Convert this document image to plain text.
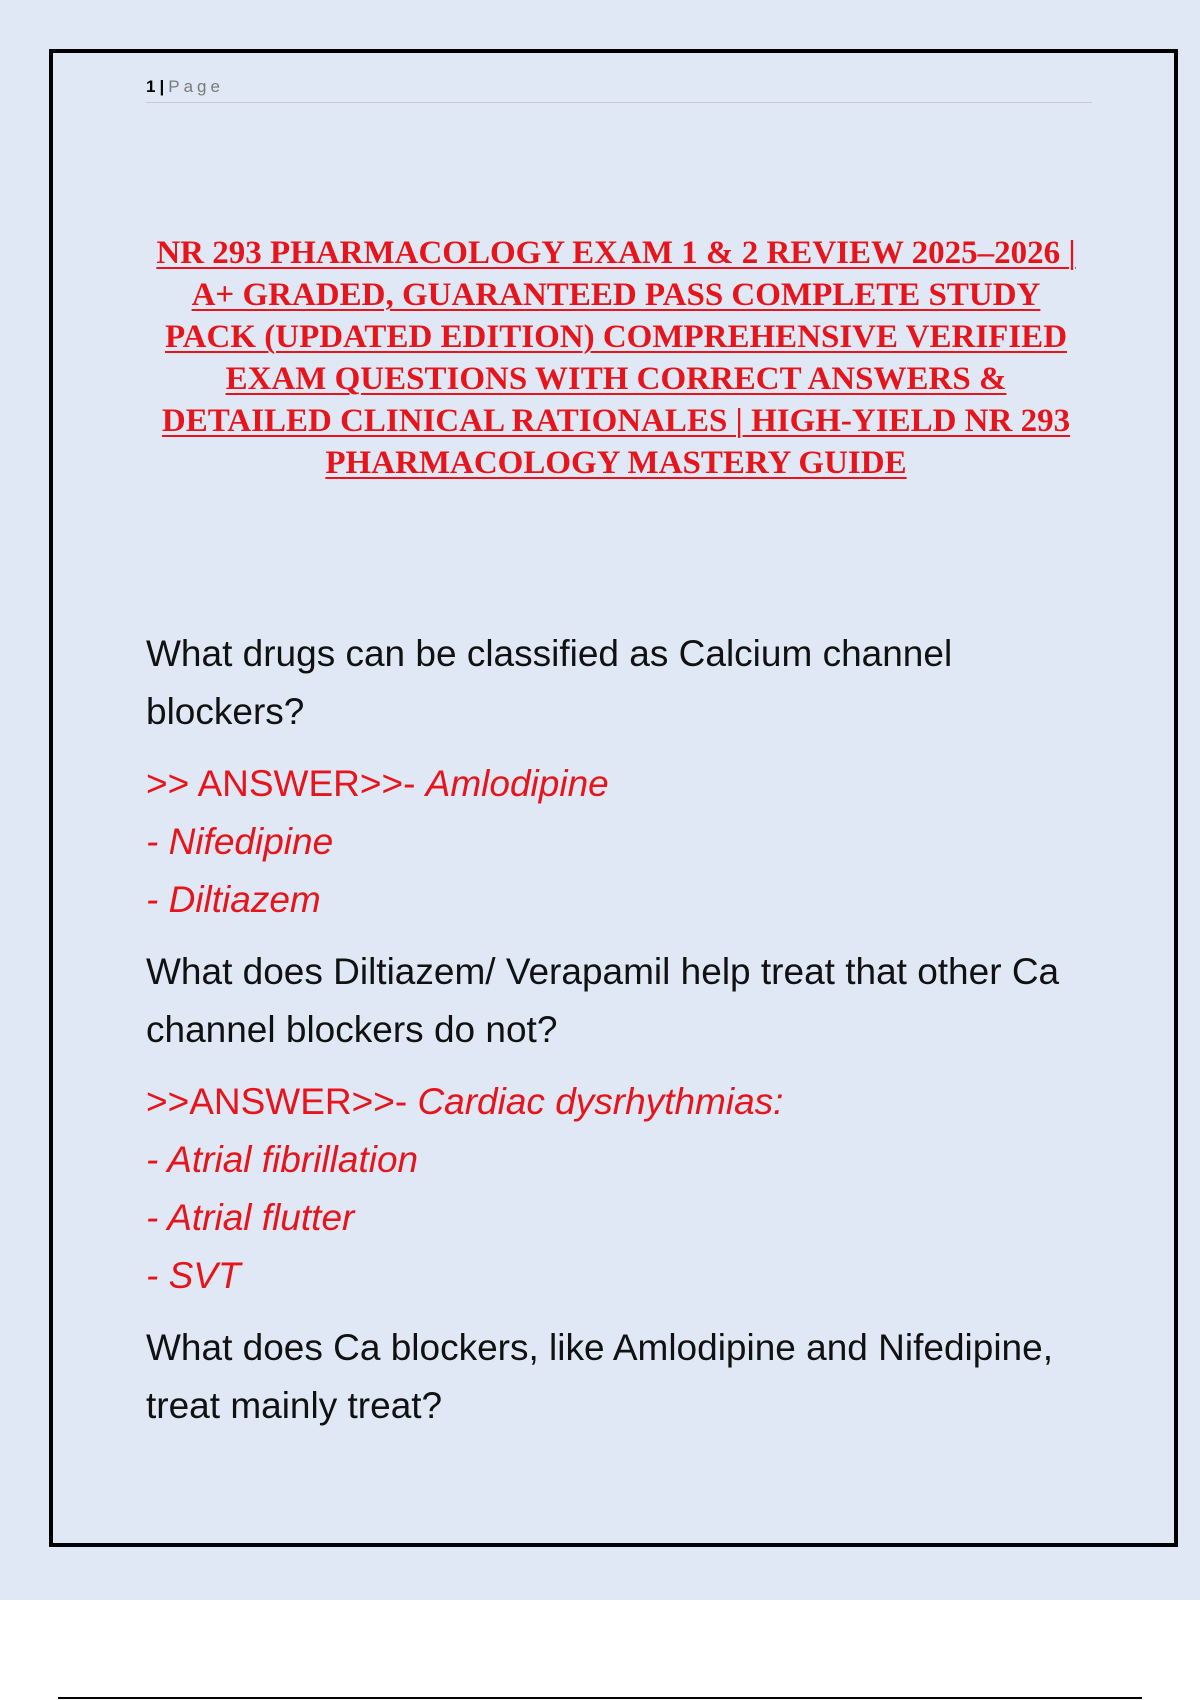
1 | Page
NR 293 PHARMACOLOGY EXAM 1 & 2 REVIEW 2025–2026 | A+ GRADED, GUARANTEED PASS COMPLETE STUDY PACK (UPDATED EDITION) COMPREHENSIVE VERIFIED EXAM QUESTIONS WITH CORRECT ANSWERS & DETAILED CLINICAL RATIONALES | HIGH-YIELD NR 293 PHARMACOLOGY MASTERY GUIDE

What drugs can be classified as Calcium channel blockers?

>> ANSWER>>- Amlodipine
- Nifedipine
- Diltiazem

What does Diltiazem/ Verapamil help treat that other Ca channel blockers do not?

>>ANSWER>>- Cardiac dysrhythmias:
- Atrial fibrillation
- Atrial flutter
- SVT

What does Ca blockers, like Amlodipine and Nifedipine, treat mainly treat?
